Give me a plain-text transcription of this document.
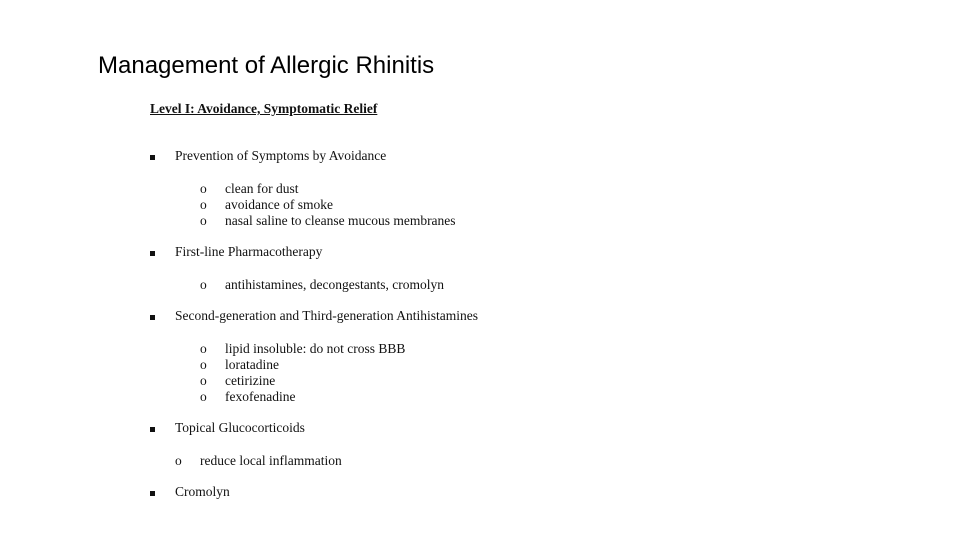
Management of Allergic Rhinitis
Level I: Avoidance, Symptomatic Relief
Prevention of Symptoms by Avoidance
o clean for dust
o avoidance of smoke
o nasal saline to cleanse mucous membranes
First-line Pharmacotherapy
o antihistamines, decongestants, cromolyn
Second-generation and Third-generation Antihistamines
o lipid insoluble: do not cross BBB
o loratadine
o cetirizine
o fexofenadine
Topical Glucocorticoids
o reduce local inflammation
Cromolyn
